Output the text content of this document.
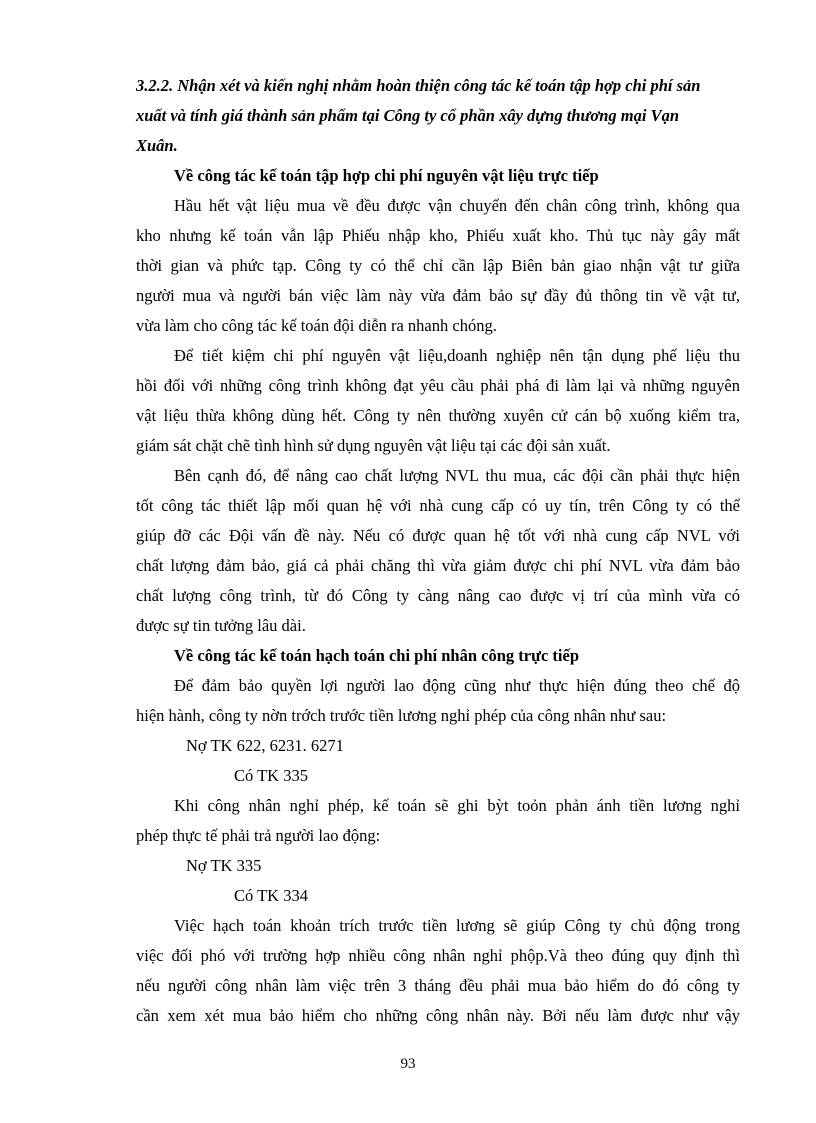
3.2.2. Nhận xét và kiến nghị nhằm hoàn thiện công tác kế toán tập hợp chi phí sản
xuất và tính giá thành sản phẩm tại Công ty cổ phần xây dựng thương mại Vạn
Xuân.
Về công tác kế toán tập hợp chi phí nguyên vật liệu trực tiếp
Hầu hết vật liệu mua về đều được vận chuyển đến chân công trình, không qua
kho nhưng kế toán vẫn lập Phiếu nhập kho, Phiếu xuất kho. Thủ tục này gây mất
thời gian và phức tạp. Công ty có thể chỉ cần lập Biên bản giao nhận vật tư giữa
người mua và người bán việc làm này vừa đảm bảo sự đầy đủ thông tin về vật tư,
vừa làm cho công tác kế toán đội diễn ra nhanh chóng.
Để tiết kiệm chi phí nguyên vật liệu,doanh nghiệp nên tận dụng phế liệu thu
hồi đối với những công trình không đạt yêu cầu phải phá đi làm lại và những nguyên
vật liệu thừa không dùng hết. Công ty nên thường xuyên cử cán bộ xuống kiểm tra,
giám sát chặt chẽ tình hình sử dụng nguyên vật liệu tại các đội sản xuất.
Bên cạnh đó, để nâng cao chất lượng NVL thu mua, các đội cần phải thực hiện
tốt công tác thiết lập mối quan hệ với nhà cung cấp có uy tín, trên Công ty có thể
giúp đỡ các Đội vấn đề này. Nếu có được quan hệ tốt với nhà cung cấp NVL với
chất lượng đảm bảo, giá cả phải chăng thì vừa giảm được chi phí NVL vừa đảm bảo
chất lượng công trình, từ đó Công ty càng nâng cao được vị trí của mình vừa có
được sự tin tưởng lâu dài.
Về công tác kế toán hạch toán chi phí nhân công trực tiếp
Để đảm bảo quyền lợi người lao động cũng như thực hiện đúng theo chế độ
hiện hành, công ty nờn trớch trước tiền lương nghỉ phép của công nhân như sau:
Nợ TK 622, 6231. 6271
Có TK 335
Khi công nhân nghỉ phép, kế toán sẽ ghi bỳt toỏn phản ánh tiền lương nghỉ
phép thực tế phải trả người lao động:
Nợ TK 335
Có TK 334
Việc hạch toán khoản trích trước tiền lương sẽ giúp Công ty chủ động trong
việc đối phó với trường hợp nhiều công nhân nghỉ phộp.Và theo đúng quy định thì
nếu người công nhân làm việc trên 3 tháng đều phải mua bảo hiểm do đó công ty
cần xem xét mua bảo hiểm cho những công nhân này. Bởi nếu làm được như vậy
93
